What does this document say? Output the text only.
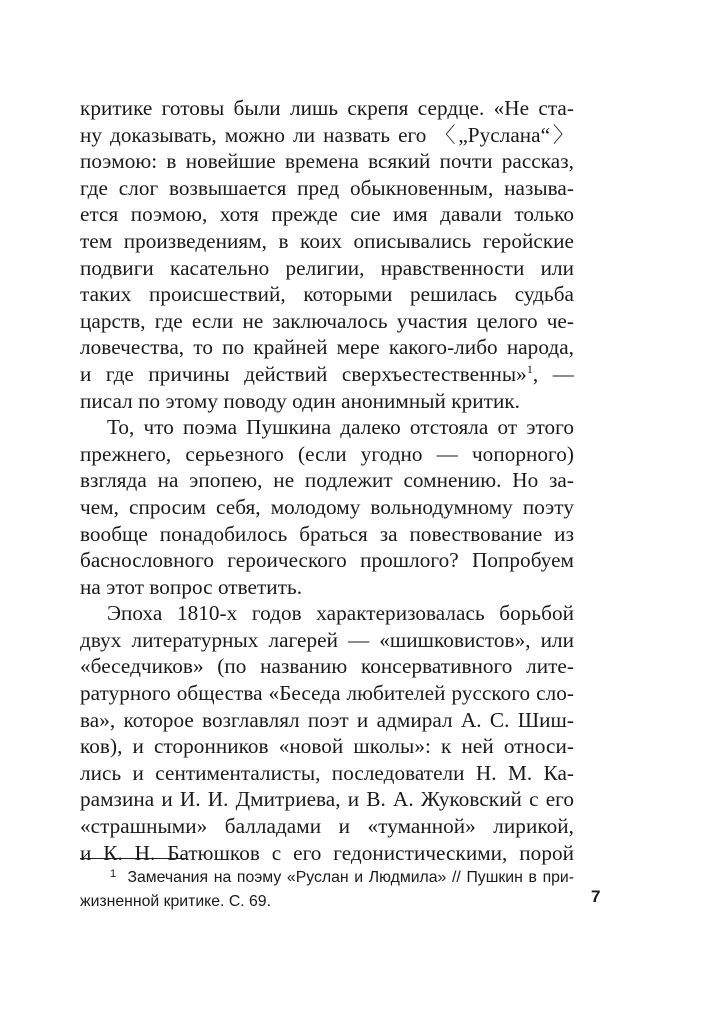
критике готовы были лишь скрепя сердце. «Не ста-
ну доказывать, можно ли назвать его 〈„Руслана“〉
поэмою: в новейшие времена всякий почти рассказ,
где слог возвышается пред обыкновенным, называ-
ется поэмою, хотя прежде сие имя давали только
тем произведениям, в коих описывались геройские
подвиги касательно религии, нравственности или
таких происшествий, которыми решилась судьба
царств, где если не заключалось участия целого че-
ловечества, то по крайней мере какого-либо народа,
и где причины действий сверхъестественны»$^1$, —
писал по этому поводу один анонимный критик.
То, что поэма Пушкина далеко отстояла от этого
прежнего, серьезного (если угодно — чопорного)
взгляда на эпопею, не подлежит сомнению. Но за-
чем, спросим себя, молодому вольнодумному поэту
вообще понадобилось браться за повествование из
баснословного героического прошлого? Попробуем
на этот вопрос ответить.
Эпоха 1810-х годов характеризовалась борьбой
двух литературных лагерей — «шишковистов», или
«беседчиков» (по названию консервативного лите-
ратурного общества «Беседа любителей русского сло-
ва», которое возглавлял поэт и адмирал А. С. Шиш-
ков), и сторонников «новой школы»: к ней относи-
лись и сентименталисты, последователи Н. М. Ка-
рамзина и И. И. Дмитриева, и В. А. Жуковский с его
«страшными» балладами и «туманной» лирикой,
и К. Н. Батюшков с его гедонистическими, порой
$^1$ Замечания на поэму «Руслан и Людмила» // Пушкин в при-
жизненной критике. С. 69.	7
